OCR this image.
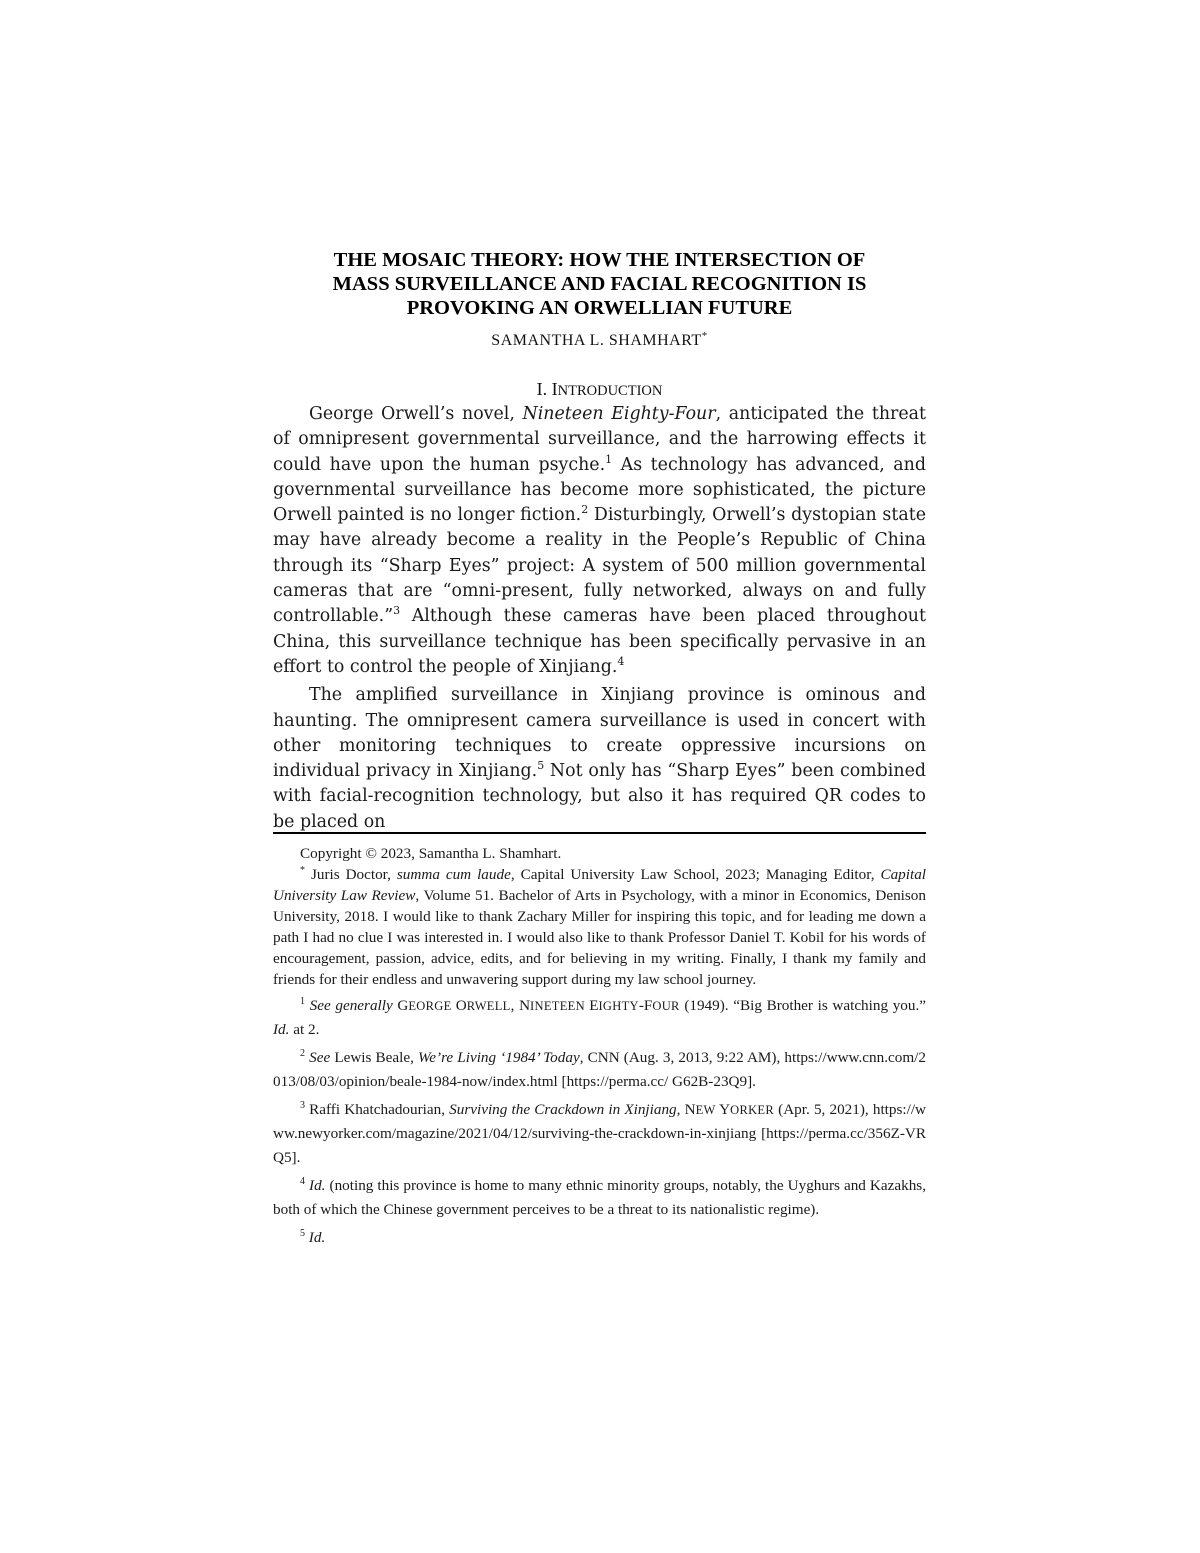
THE MOSAIC THEORY: HOW THE INTERSECTION OF
MASS SURVEILLANCE AND FACIAL RECOGNITION IS
PROVOKING AN ORWELLIAN FUTURE
SAMANTHA L. SHAMHART*
I. INTRODUCTION

George Orwell’s novel, Nineteen Eighty-Four, anticipated the threat of omnipresent governmental surveillance, and the harrowing effects it could have upon the human psyche.$^1$ As technology has advanced, and governmental surveillance has become more sophisticated, the picture Orwell painted is no longer fiction.$^2$ Disturbingly, Orwell’s dystopian state may have already become a reality in the People’s Republic of China through its “Sharp Eyes” project: A system of 500 million governmental cameras that are “omni-present, fully networked, always on and fully controllable.”$^3$ Although these cameras have been placed throughout China, this surveillance technique has been specifically pervasive in an effort to control the people of Xinjiang.$^4$

The amplified surveillance in Xinjiang province is ominous and haunting. The omnipresent camera surveillance is used in concert with other monitoring techniques to create oppressive incursions on individual privacy in Xinjiang.$^5$ Not only has “Sharp Eyes” been combined with facial-recognition technology, but also it has required QR codes to be placed on

Copyright © 2023, Samantha L. Shamhart.

* Juris Doctor, summa cum laude, Capital University Law School, 2023; Managing Editor, Capital University Law Review, Volume 51. Bachelor of Arts in Psychology, with a minor in Economics, Denison University, 2018. I would like to thank Zachary Miller for inspiring this topic, and for leading me down a path I had no clue I was interested in. I would also like to thank Professor Daniel T. Kobil for his words of encouragement, passion, advice, edits, and for believing in my writing. Finally, I thank my family and friends for their endless and unwavering support during my law school journey.

$^1$ See generally GEORGE ORWELL, NINETEEN EIGHTY-FOUR (1949). “Big Brother is watching you.” Id. at 2.

$^2$ See Lewis Beale, We’re Living ‘1984’ Today, CNN (Aug. 3, 2013, 9:22 AM), https://www.cnn.com/2013/08/03/opinion/beale-1984-now/index.html [https://perma.cc/ G62B-23Q9].

$^3$ Raffi Khatchadourian, Surviving the Crackdown in Xinjiang, NEW YORKER (Apr. 5, 2021), https://www.newyorker.com/magazine/2021/04/12/surviving-the-crackdown-in-xinjiang [https://perma.cc/356Z-VRQ5].

$^4$ Id. (noting this province is home to many ethnic minority groups, notably, the Uyghurs and Kazakhs, both of which the Chinese government perceives to be a threat to its nationalistic regime).

$^5$ Id.
